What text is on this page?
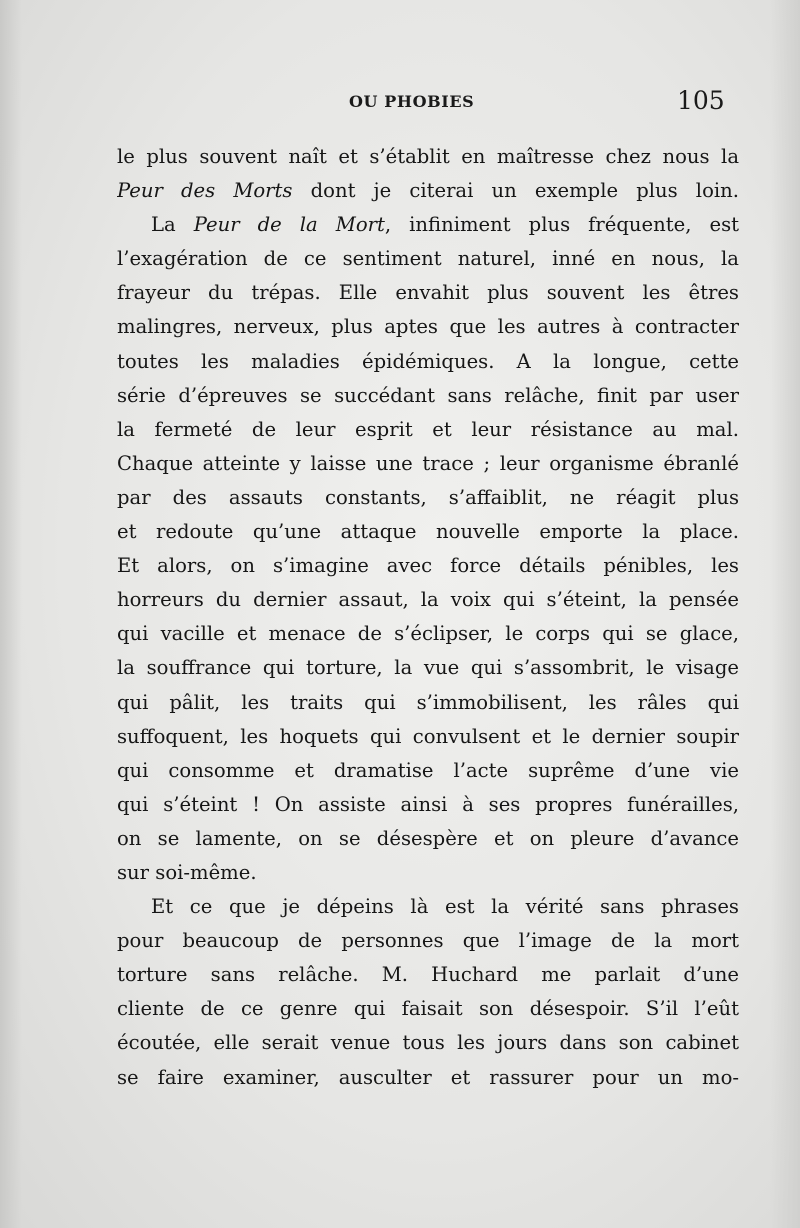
OU PHOBIES	105
le plus souvent naît et s’établit en maîtresse chez nous la
Peur des Morts dont je citerai un exemple plus loin.
La Peur de la Mort, infiniment plus fréquente, est
l’exagération de ce sentiment naturel, inné en nous, la
frayeur du trépas. Elle envahit plus souvent les êtres
malingres, nerveux, plus aptes que les autres à contracter
toutes les maladies épidémiques. A la longue, cette
série d’épreuves se succédant sans relâche, finit par user
la fermeté de leur esprit et leur résistance au mal.
Chaque atteinte y laisse une trace ; leur organisme ébranlé
par des assauts constants, s’affaiblit, ne réagit plus
et redoute qu’une attaque nouvelle emporte la place.
Et alors, on s’imagine avec force détails pénibles, les
horreurs du dernier assaut, la voix qui s’éteint, la pensée
qui vacille et menace de s’éclipser, le corps qui se glace,
la souffrance qui torture, la vue qui s’assombrit, le visage
qui pâlit, les traits qui s’immobilisent, les râles qui
suffoquent, les hoquets qui convulsent et le dernier soupir
qui consomme et dramatise l’acte suprême d’une vie
qui s’éteint ! On assiste ainsi à ses propres funérailles,
on se lamente, on se désespère et on pleure d’avance
sur soi-même.
Et ce que je dépeins là est la vérité sans phrases
pour beaucoup de personnes que l’image de la mort
torture sans relâche. M. Huchard me parlait d’une
cliente de ce genre qui faisait son désespoir. S’il l’eût
écoutée, elle serait venue tous les jours dans son cabinet
se faire examiner, ausculter et rassurer pour un mo-
